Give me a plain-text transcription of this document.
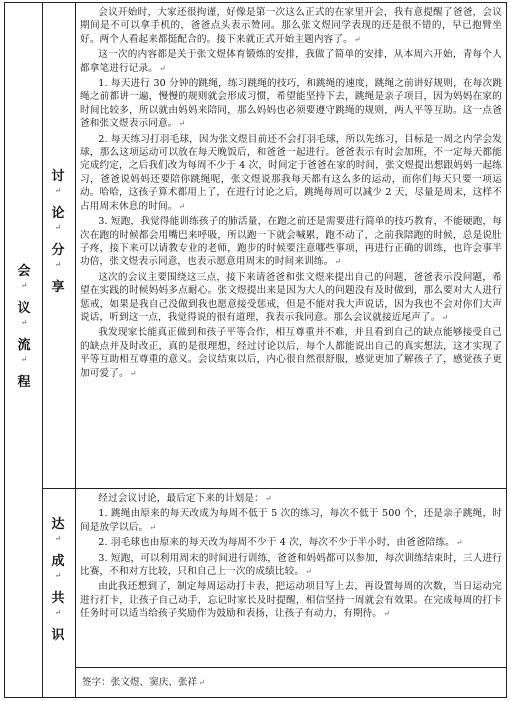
会
↵
议
↵
流
↵
程
讨
↵
论
↵
分
↵
享
达
↵
成
↵
共
↵
识

会议开始时，大家还很拘谨，好像是第一次这么正式的在家里开会，我有意提醒了爸爸，会议期间是不可以拿手机的，爸爸点头表示赞同。那么张文煜同学表现的还是很不错的，早已抱臂坐好。两个人看起来都挺配合的。接下来就正式开始主题内容了。↵

这一次的内容都是关于张文煜体育锻炼的安排，我做了简单的安排，从本周六开始，青每个人都拿笔进行记录。↵

1. 每天进行 30 分钟的跳绳，练习跳绳的技巧，和跳绳的速度，跳绳之前讲好规则，在每次跳绳之前都讲一遍，慢慢的规则就会形成习惯，希望能坚持下去，跳绳是亲子项目，因为妈妈在家的时间比较多，所以就由妈妈来陪同，那么妈妈也必须要遵守跳绳的规则，两人平等互助。这一点爸爸和张文煜表示同意。↵

2. 每天练习打羽毛球，因为张文煜目前还不会打羽毛球，所以先练习，目标是一周之内学会发球，那么这项运动可以放在每天晚饭后，和爸爸一起进行。爸爸表示有时会加班，不一定每天都能完成约定，之后我们改为每周不少于 4 次，时间定于爸爸在家的时间，张文煜提出想跟妈妈一起练习，爸爸说妈妈还要陪你跳绳呢，张文煜说那我每天都有这么多的运动，而你们每天只要一项运动。哈哈，这孩子算术都用上了，在进行讨论之后，跳绳每周可以减少 2 天，尽量是周末，这样不占用周末休息的时间。↵

3. 短跑，我觉得能训练孩子的肺活量，在跑之前还是需要进行简单的技巧教育，不能硬跑，每次在跑的时候都会用嘴巴来呼吸，所以跑一下就会喊累，跑不动了，之前我陪跑的时候，总是说肚子疼，接下来可以请教专业的老师，跑步的时候要注意哪些事项，再进行正确的训练，也许会事半功倍，张文煜表示同意，也表示愿意用周末的时间来训练。↵

这次的会议主要围绕这三点，接下来请爸爸和张文煜来提出自己的问题，爸爸表示没问题，希望在实践的时候妈妈多点耐心。张文煜提出来是因为大人的问题没有及时做到，那么要对大人进行惩戒，如果是我自己没做到我也愿意接受惩戒，但是不能对我大声说话，因为我也不会对你们大声说话，听到这一点，我觉得说的很有道理，我表示我同意。那么会议就接近尾声了。↵

我发现家长能真正做到和孩子平等合作，相互尊重并不难，并且看到自己的缺点能够接受自己的缺点并及时改正，真的是很理想，经过讨论以后，每个人都能说出自己的真实想法，这才实现了平等互助相互尊重的意义。会议结束以后，内心很自然很舒服，感觉更加了解孩子了，感觉孩子更加可爱了。↵

经过会议讨论，最后定下来的计划是：↵

1. 跳绳由原来的每天改成为每周不低于 5 次的练习，每次不低于 500 个，还是亲子跳绳，时间是放学以后。↵

2. 羽毛球也由原来的每天改为每周不少于 4 次，每次不少于半小时，由爸爸陪练。↵

3. 短跑，可以利用周末的时间进行训练，爸爸和妈妈都可以参加，每次训练结束时，三人进行比赛，不和对方比较，只和自己上一次的成绩比较。↵

由此我还想到了，制定每周运动打卡表，把运动项目写上去，再设置每周的次数，当日运动完进行打卡，让孩子自己动手，忘记时家长及时提醒，相信坚持一周就会有效果。在完成每周的打卡任务时可以适当给孩子奖励作为鼓励和表扬，让孩子有动力，有期待。↵

签字：张文煜、窦庆、张祥↵
